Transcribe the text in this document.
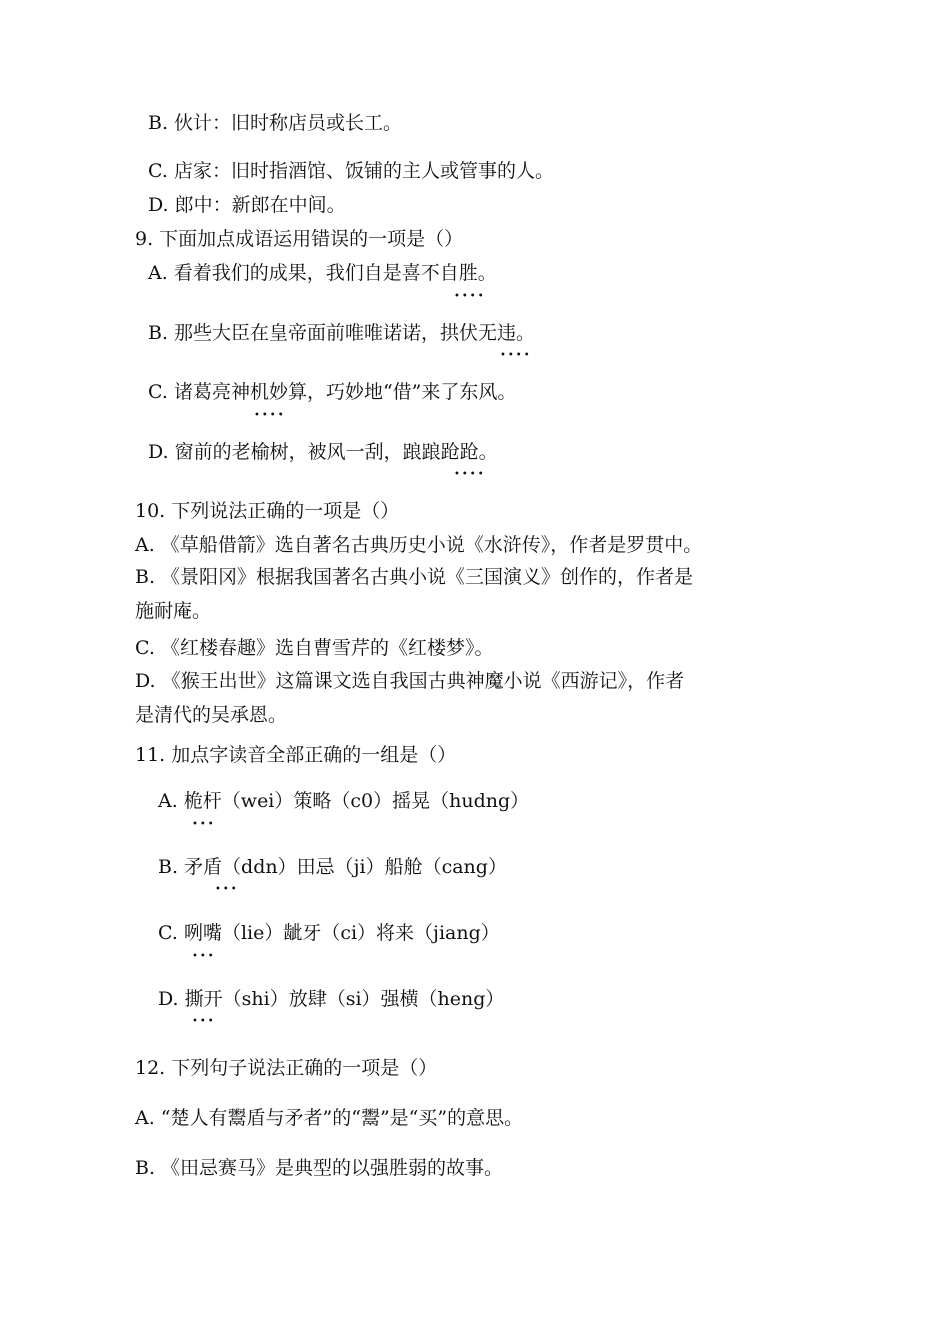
B. 伙计：旧时称店员或长工。
C. 店家：旧时指酒馆、饭铺的主人或管事的人。
D. 郎中：新郎在中间。
9. 下面加点成语运用错误的一项是（）
A. 看着我们的成果，我们自是喜不自胜。
••••
B. 那些大臣在皇帝面前唯唯诺诺，拱伏无违。
••••
C. 诸葛亮神机妙算，巧妙地“借”来了东风。
••••
D. 窗前的老榆树，被风一刮，踉踉跄跄。
••••
10. 下列说法正确的一项是（）
A. 《草船借箭》选自著名古典历史小说《水浒传》，作者是罗贯中。
B. 《景阳冈》根据我国著名古典小说《三国演义》创作的，作者是
施耐庵。
C. 《红楼春趣》选自曹雪芹的《红楼梦》。
D. 《猴王出世》这篇课文选自我国古典神魔小说《西游记》，作者
是清代的吴承恩。
11. 加点字读音全部正确的一组是（）
A. 桅杆（wei）策略（c0）摇晃（hudng）
•••
B. 矛盾（ddn）田忌（ji）船舱（cang）
•••
C. 咧嘴（lie）龇牙（ci）将来（jiang）
•••
D. 撕开（shi）放肆（si）强横（heng）
•••
12. 下列句子说法正确的一项是（）
A. “楚人有鬻盾与矛者”的“鬻”是“买”的意思。
B. 《田忌赛马》是典型的以强胜弱的故事。
